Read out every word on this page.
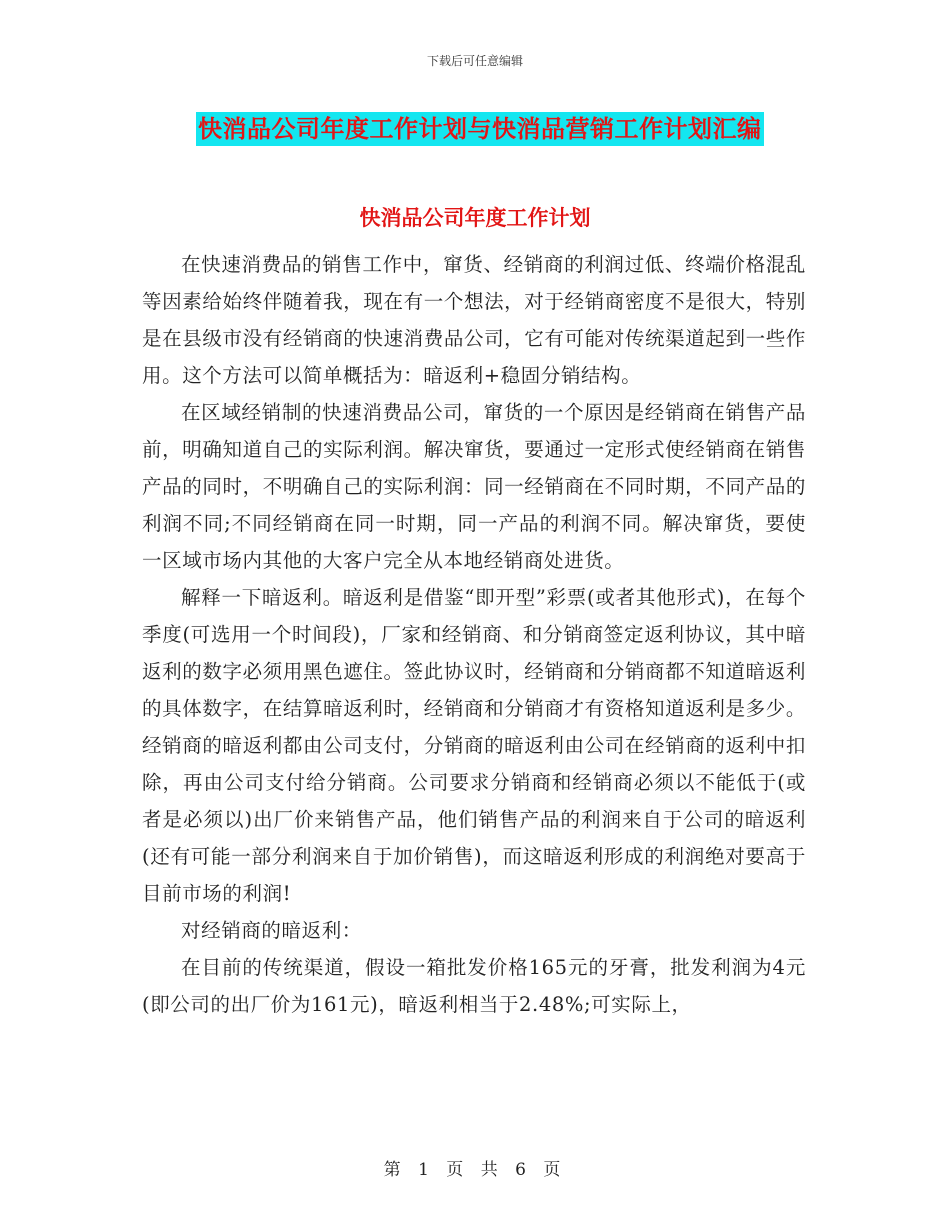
下载后可任意编辑
快消品公司年度工作计划与快消品营销工作计划汇编
快消品公司年度工作计划

在快速消费品的销售工作中，窜货、经销商的利润过低、终端价格混乱等因素给始终伴随着我，现在有一个想法，对于经销商密度不是很大，特别是在县级市没有经销商的快速消费品公司，它有可能对传统渠道起到一些作用。这个方法可以简单概括为：暗返利+稳固分销结构。

在区域经销制的快速消费品公司，窜货的一个原因是经销商在销售产品前，明确知道自己的实际利润。解决窜货，要通过一定形式使经销商在销售产品的同时，不明确自己的实际利润：同一经销商在不同时期，不同产品的利润不同;不同经销商在同一时期，同一产品的利润不同。解决窜货，要使一区域市场内其他的大客户完全从本地经销商处进货。

解释一下暗返利。暗返利是借鉴“即开型”彩票(或者其他形式)，在每个季度(可选用一个时间段)，厂家和经销商、和分销商签定返利协议，其中暗返利的数字必须用黑色遮住。签此协议时，经销商和分销商都不知道暗返利的具体数字，在结算暗返利时，经销商和分销商才有资格知道返利是多少。经销商的暗返利都由公司支付，分销商的暗返利由公司在经销商的返利中扣除，再由公司支付给分销商。公司要求分销商和经销商必须以不能低于(或者是必须以)出厂价来销售产品，他们销售产品的利润来自于公司的暗返利(还有可能一部分利润来自于加价销售)，而这暗返利形成的利润绝对要高于目前市场的利润!

对经销商的暗返利：

在目前的传统渠道，假设一箱批发价格165元的牙膏，批发利润为4元(即公司的出厂价为161元)，暗返利相当于2.48%;可实际上，

第 1 页 共 6 页
